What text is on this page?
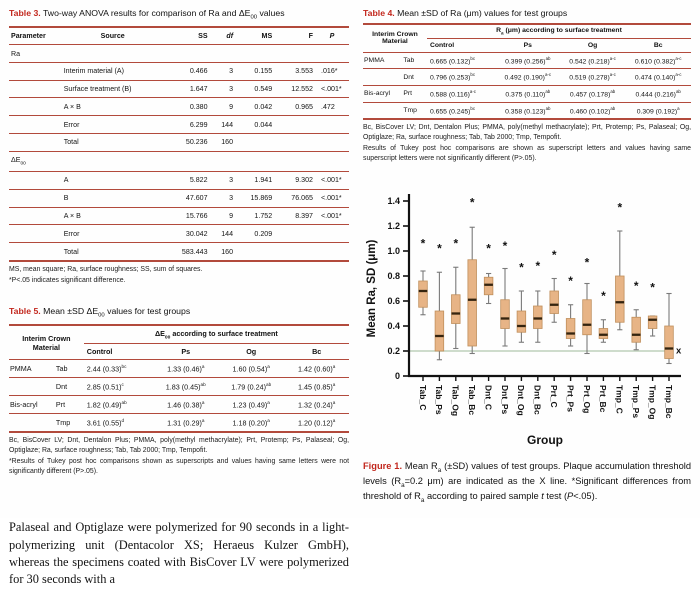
Table 3. Two-way ANOVA results for comparison of Ra and $\Delta E_{00}$ values
Parameter	Source	SS	df	MS	F	P
Ra						
	Interim material (A)	0.466	3	0.155	3.553	.016*
	Surface treatment (B)	1.647	3	0.549	12.552	<.001*
	A × B	0.380	9	0.042	0.965	.472
	Error	6.299	144	0.044		
	Total	50.236	160			
$\Delta E_{00}$
	A	5.822	3	1.941	9.302	<.001*
	B	47.607	3	15.869	76.065	<.001*
	A × B	15.766	9	1.752	8.397	<.001*
	Error	30.042	144	0.209		
	Total	583.443	160			
MS, mean square; Ra, surface roughness; SS, sum of squares.
*P<.05 indicates significant difference.
Table 5. Mean ±SD $\Delta E_{00}$ values for test groups
Interim Crown Material		$\Delta E_{00}$ according to surface treatment			
		Control	Ps	Og	Bc
PMMA	Tab	2.44 $(0.33)^{bc}$	1.33 $(0.46)^a$	1.60 $(0.54)^a$	1.42 $(0.60)^a$
	Dnt	2.85 $(0.51)^c$	1.83 $(0.45)^{ab}$	1.79 $(0.24)^{ab}$	1.45 $(0.85)^a$
Bis-acryl	Prt	1.82 $(0.49)^{ab}$	1.46 $(0.38)^a$	1.23 $(0.49)^a$	1.32 $(0.24)^a$
	Tmp	3.61 $(0.55)^d$	1.31 $(0.29)^a$	1.18 $(0.20)^a$	1.20 $(0.12)^a$
Bc, BisCover LV; Dnt, Dentalon Plus; PMMA, poly(methyl methacrylate); Prt, Protemp; Ps, Palaseal; Og, Optiglaze; Ra, surface roughness; Tab, Tab 2000; Tmp, Tempofit.
*Results of Tukey post hoc comparisons shown as superscripts and values having same letters were not significantly different (P>.05).

Palaseal and Optiglaze were polymerized for 90 seconds in a light-polymerizing unit (Dentacolor XS; Heraeus Kulzer GmbH), whereas the specimens coated with BisCover LV were polymerized for 30 seconds with a

Table 4. Mean ±SD of Ra (μm) values for test groups
Interim Crown Material		$R_a$ (μm) according to surface treatment			
		Control	Ps	Og	Bc
PMMA	Tab	0.665 $(0.132)^{bc}$	0.399 $(0.256)^{ab}$	0.542 $(0.218)^{a-c}$	0.610 $(0.382)^{a-c}$
	Dnt	0.796 $(0.253)^{bc}$	0.492 $(0.190)^{a-c}$	0.519 $(0.278)^{a-c}$	0.474 $(0.140)^{a-c}$
Bis-acryl	Prt	0.588 $(0.116)^{a-c}$	0.375 $(0.110)^{ab}$	0.457 $(0.178)^{ab}$	0.444 $(0.216)^{ab}$
	Tmp	0.655 $(0.245)^{bc}$	0.358 $(0.123)^{ab}$	0.460 $(0.102)^{ab}$	0.309 $(0.192)^a$
Bc, BisCover LV; Dnt, Dentalon Plus; PMMA, poly(methyl methacrylate); Prt, Protemp; Ps, Palaseal; Og, Optiglaze; Ra, surface roughness; Tab, Tab 2000; Tmp, Tempofit.
Results of Tukey post hoc comparisons are shown as superscript letters and values having same superscript letters were not significantly different (P>.05).
x
*
Tab_C
*
Tab_Ps
*
Tab_Og
*
Tab_Bc
*
Dnt_C
*
Dnt_Ps
*
Dnt_Og
*
Dnt_Bc
*
Prt_C
*
Prt_Ps
*
Prt_Og
*
Prt_Bc
*
Tmp_C
*
Tmp_Ps
*
Tmp_Og Tmp_Bc
0
0.2
0.4
0.6
0.8
1.0
1.2
1.4
Mean Ra, SD (μm)
Group

Figure 1. Mean $R_a$ (±SD) values of test groups. Plaque accumulation threshold levels ($R_a=0.2$ μm) are indicated as the X line. *Significant differences from threshold of $R_a$ according to paired sample t test (P<.05).
